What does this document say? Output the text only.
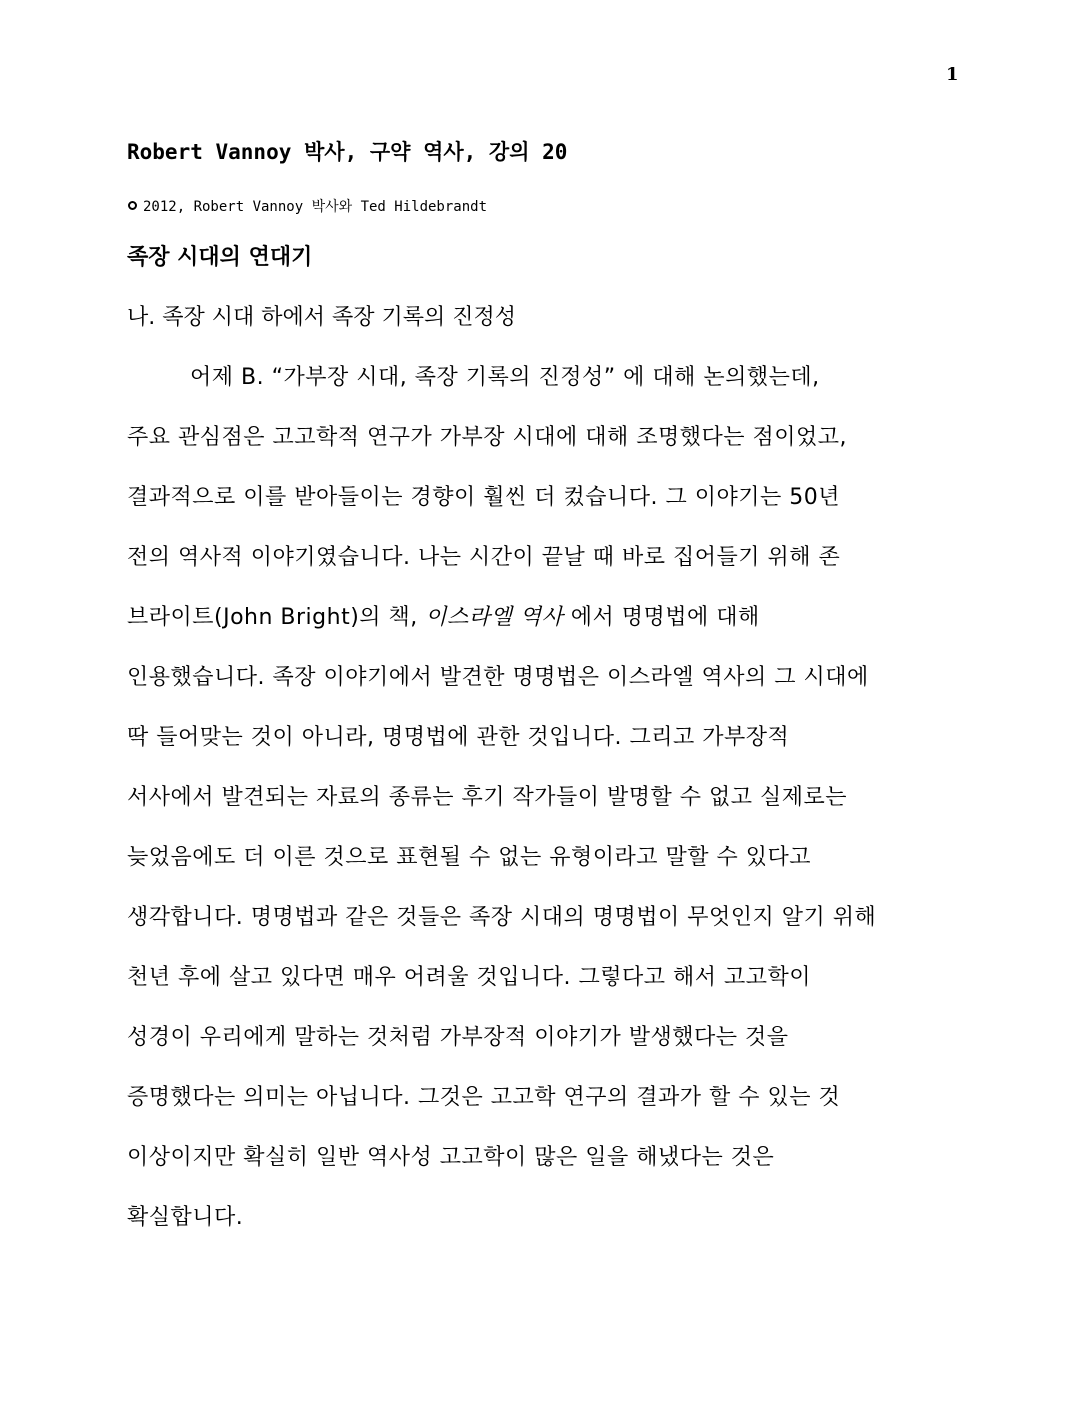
1
Robert Vannoy 박사, 구약 역사, 강의 20
2012, Robert Vannoy 박사와 Ted Hildebrandt
족장 시대의 연대기
나. 족장 시대 하에서 족장 기록의 진정성
어제 B. “가부장 시대, 족장 기록의 진정성” 에 대해 논의했는데,
주요 관심점은 고고학적 연구가 가부장 시대에 대해 조명했다는 점이었고,
결과적으로 이를 받아들이는 경향이 훨씬 더 컸습니다. 그 이야기는 50년
전의 역사적 이야기였습니다. 나는 시간이 끝날 때 바로 집어들기 위해 존
브라이트(John Bright)의 책, 이스라엘 역사 에서 명명법에 대해
인용했습니다. 족장 이야기에서 발견한 명명법은 이스라엘 역사의 그 시대에
딱 들어맞는 것이 아니라, 명명법에 관한 것입니다. 그리고 가부장적
서사에서 발견되는 자료의 종류는 후기 작가들이 발명할 수 없고 실제로는
늦었음에도 더 이른 것으로 표현될 수 없는 유형이라고 말할 수 있다고
생각합니다. 명명법과 같은 것들은 족장 시대의 명명법이 무엇인지 알기 위해
천년 후에 살고 있다면 매우 어려울 것입니다. 그렇다고 해서 고고학이
성경이 우리에게 말하는 것처럼 가부장적 이야기가 발생했다는 것을
증명했다는 의미는 아닙니다. 그것은 고고학 연구의 결과가 할 수 있는 것
이상이지만 확실히 일반 역사성 고고학이 많은 일을 해냈다는 것은
확실합니다.
